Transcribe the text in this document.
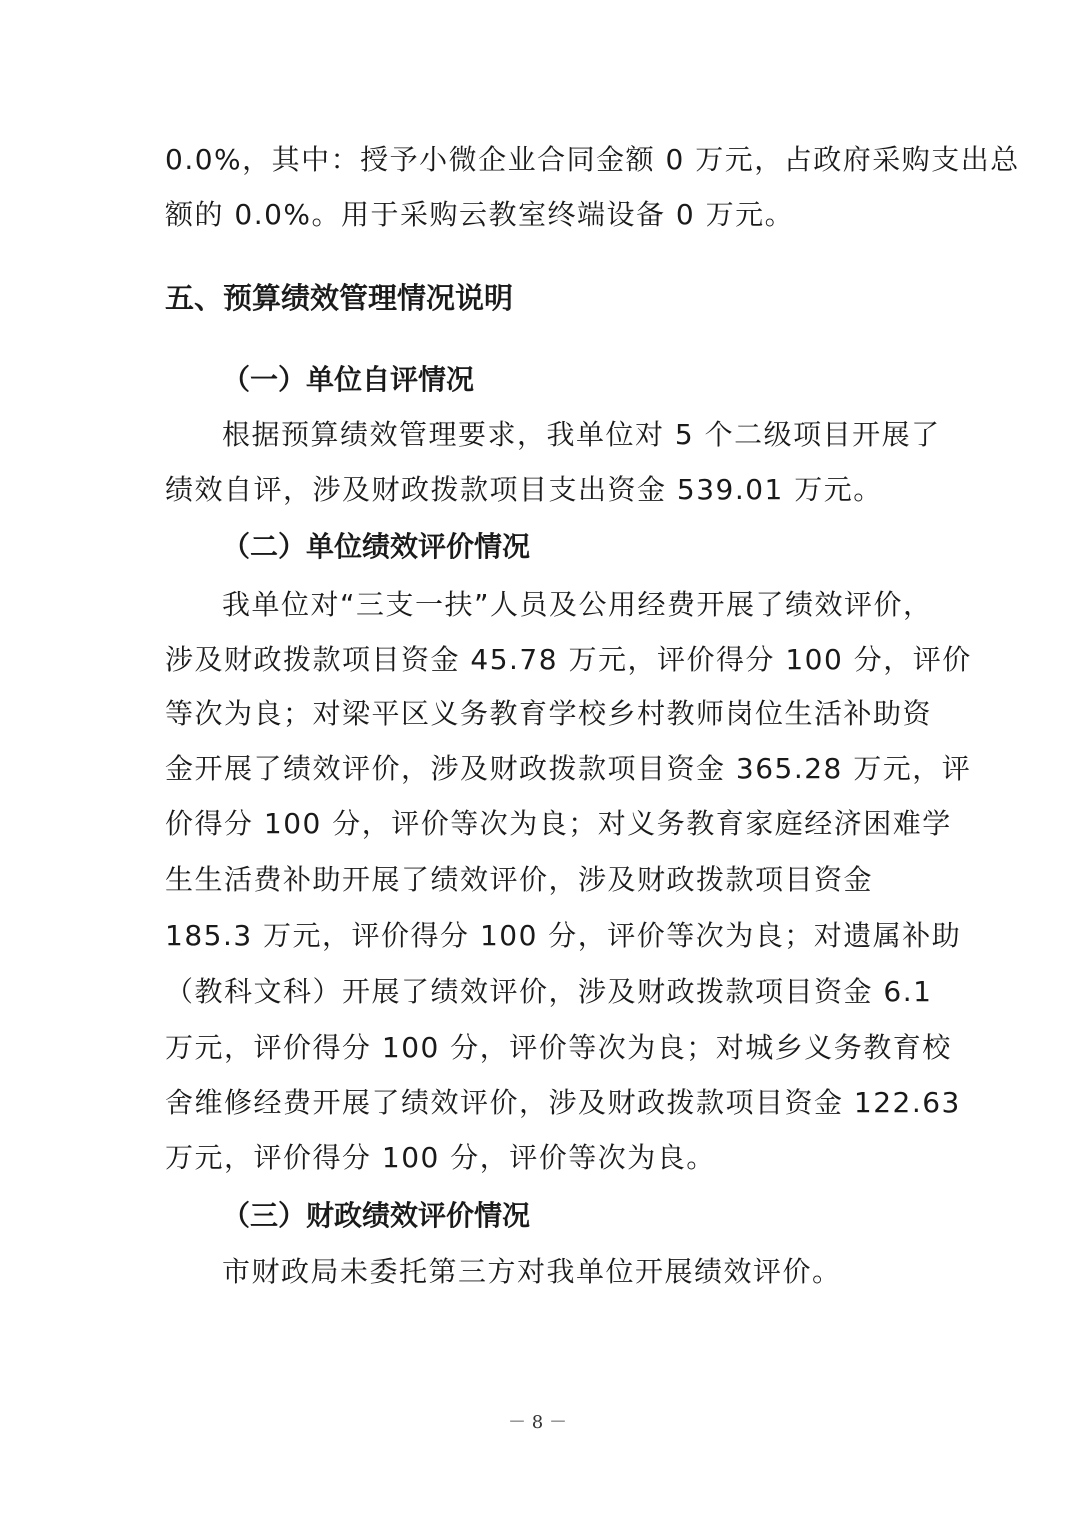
0.0%，其中：授予小微企业合同金额 0 万元，占政府采购支出总
额的 0.0%。用于采购云教室终端设备 0 万元。
五、预算绩效管理情况说明
（一）单位自评情况
根据预算绩效管理要求，我单位对 5 个二级项目开展了
绩效自评，涉及财政拨款项目支出资金 539.01 万元。
（二）单位绩效评价情况
我单位对“三支一扶”人员及公用经费开展了绩效评价，
涉及财政拨款项目资金 45.78 万元，评价得分 100 分，评价
等次为良；对梁平区义务教育学校乡村教师岗位生活补助资
金开展了绩效评价，涉及财政拨款项目资金 365.28 万元，评
价得分 100 分，评价等次为良；对义务教育家庭经济困难学
生生活费补助开展了绩效评价，涉及财政拨款项目资金
185.3 万元，评价得分 100 分，评价等次为良；对遗属补助
（教科文科）开展了绩效评价，涉及财政拨款项目资金 6.1
万元，评价得分 100 分，评价等次为良；对城乡义务教育校
舍维修经费开展了绩效评价，涉及财政拨款项目资金 122.63
万元，评价得分 100 分，评价等次为良。
（三）财政绩效评价情况
市财政局未委托第三方对我单位开展绩效评价。
－ 8 －
